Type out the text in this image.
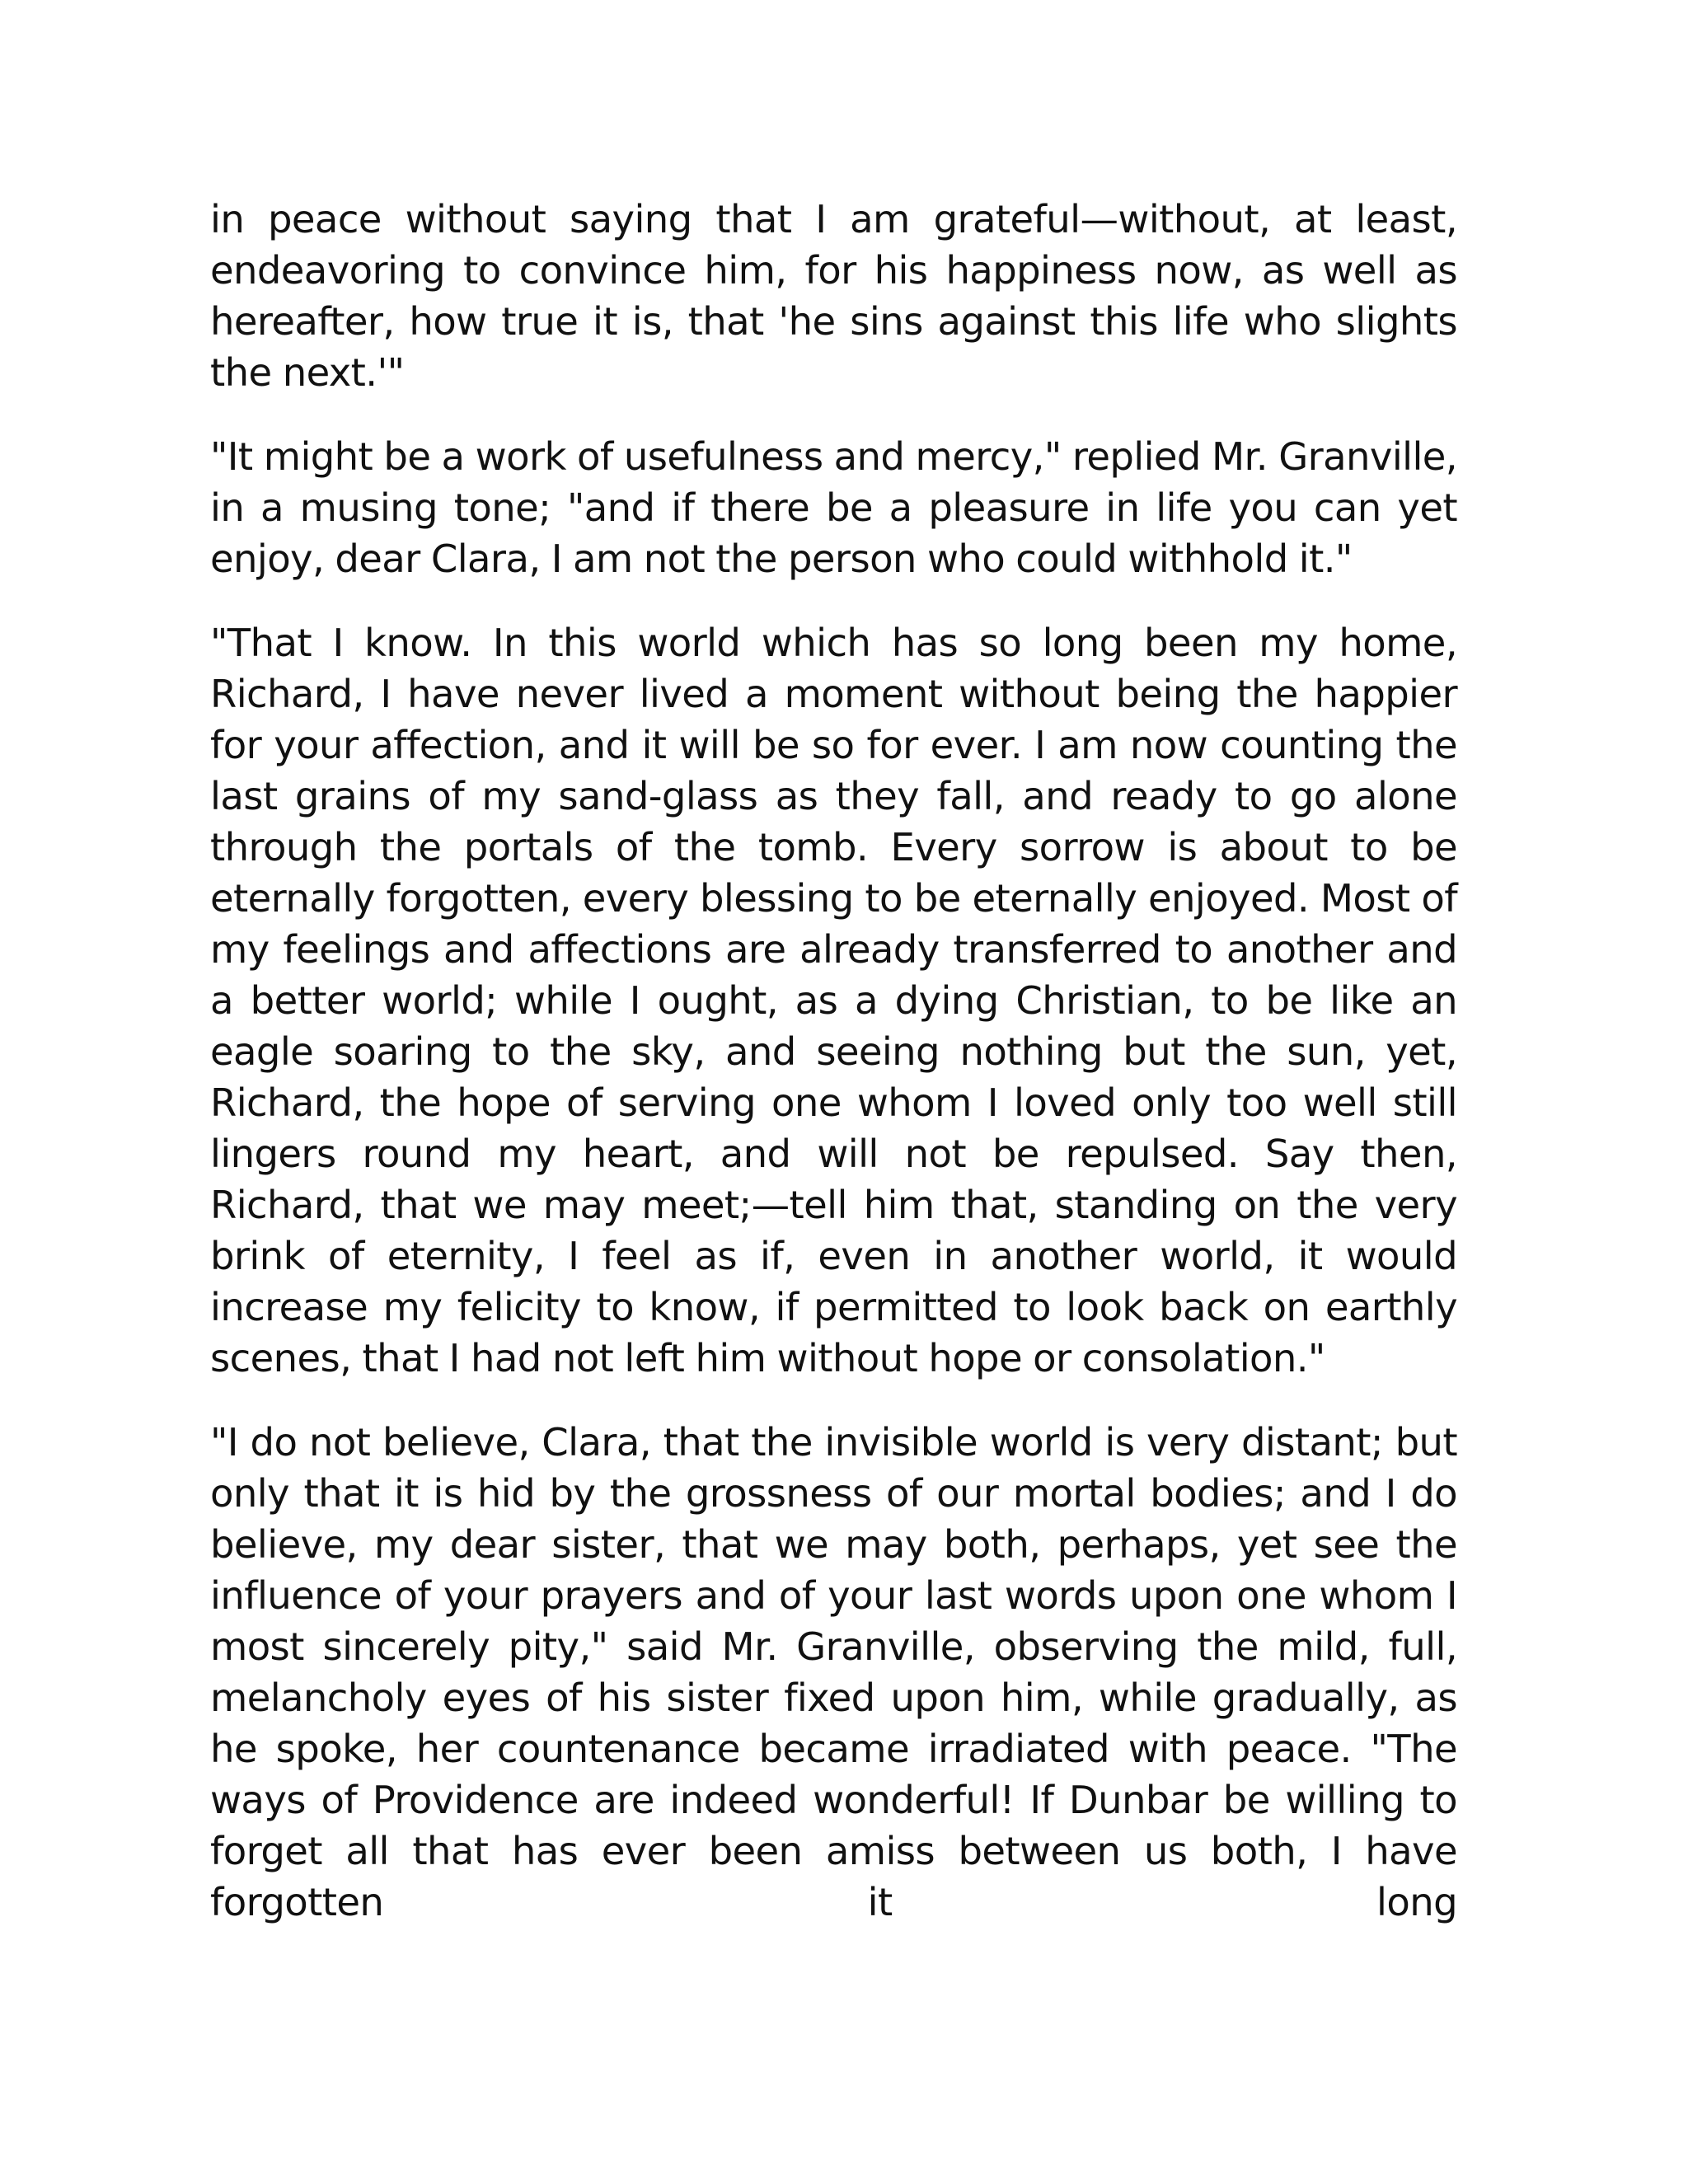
in peace without saying that I am grateful—without, at least, endeavoring to convince him, for his happiness now, as well as hereafter, how true it is, that 'he sins against this life who slights the next.'"

"It might be a work of usefulness and mercy," replied Mr. Granville, in a musing tone; "and if there be a pleasure in life you can yet enjoy, dear Clara, I am not the person who could withhold it."

"That I know. In this world which has so long been my home, Richard, I have never lived a moment without being the happier for your affection, and it will be so for ever. I am now counting the last grains of my sand-glass as they fall, and ready to go alone through the portals of the tomb. Every sorrow is about to be eternally forgotten, every blessing to be eternally enjoyed. Most of my feelings and affections are already transferred to another and a better world; while I ought, as a dying Christian, to be like an eagle soaring to the sky, and seeing nothing but the sun, yet, Richard, the hope of serving one whom I loved only too well still lingers round my heart, and will not be repulsed. Say then, Richard, that we may meet;—tell him that, standing on the very brink of eternity, I feel as if, even in another world, it would increase my felicity to know, if permitted to look back on earthly scenes, that I had not left him without hope or consolation."

"I do not believe, Clara, that the invisible world is very distant; but only that it is hid by the grossness of our mortal bodies; and I do believe, my dear sister, that we may both, perhaps, yet see the influence of your prayers and of your last words upon one whom I most sincerely pity," said Mr. Granville, observing the mild, full, melancholy eyes of his sister fixed upon him, while gradually, as he spoke, her countenance became irradiated with peace. "The ways of Providence are indeed wonderful! If Dunbar be willing to forget all that has ever been amiss between us both, I have forgotten it long
